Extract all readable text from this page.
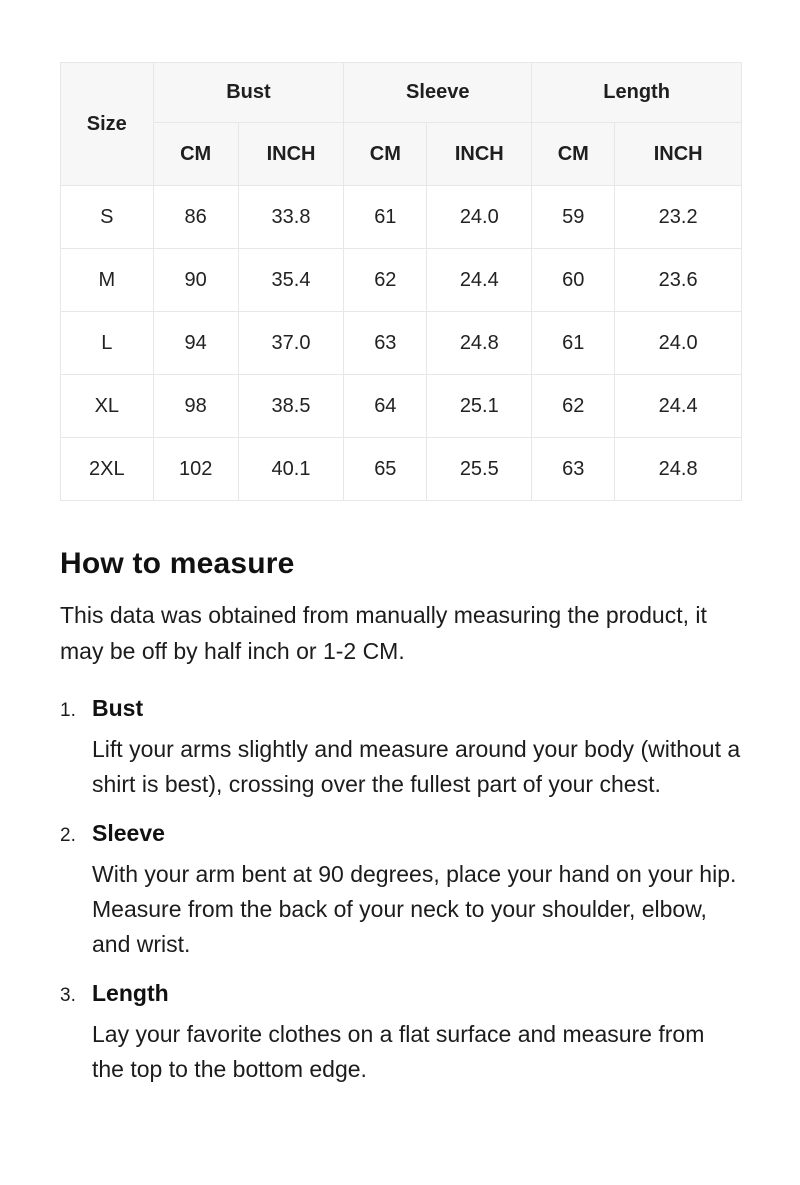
Size	Bust		Sleeve		Length	
	CM	INCH	CM	INCH	CM	INCH
S	86	33.8	61	24.0	59	23.2
M	90	35.4	62	24.4	60	23.6
L	94	37.0	63	24.8	61	24.0
XL	98	38.5	64	25.1	62	24.4
2XL	102	40.1	65	25.5	63	24.8
How to measure

This data was obtained from manually measuring the product, it may be off by half inch or 1-2 CM.

1. Bust

Lift your arms slightly and measure around your body (without a shirt is best), crossing over the fullest part of your chest.

2. Sleeve

With your arm bent at 90 degrees, place your hand on your hip. Measure from the back of your neck to your shoulder, elbow, and wrist.

3. Length

Lay your favorite clothes on a flat surface and measure from the top to the bottom edge.
